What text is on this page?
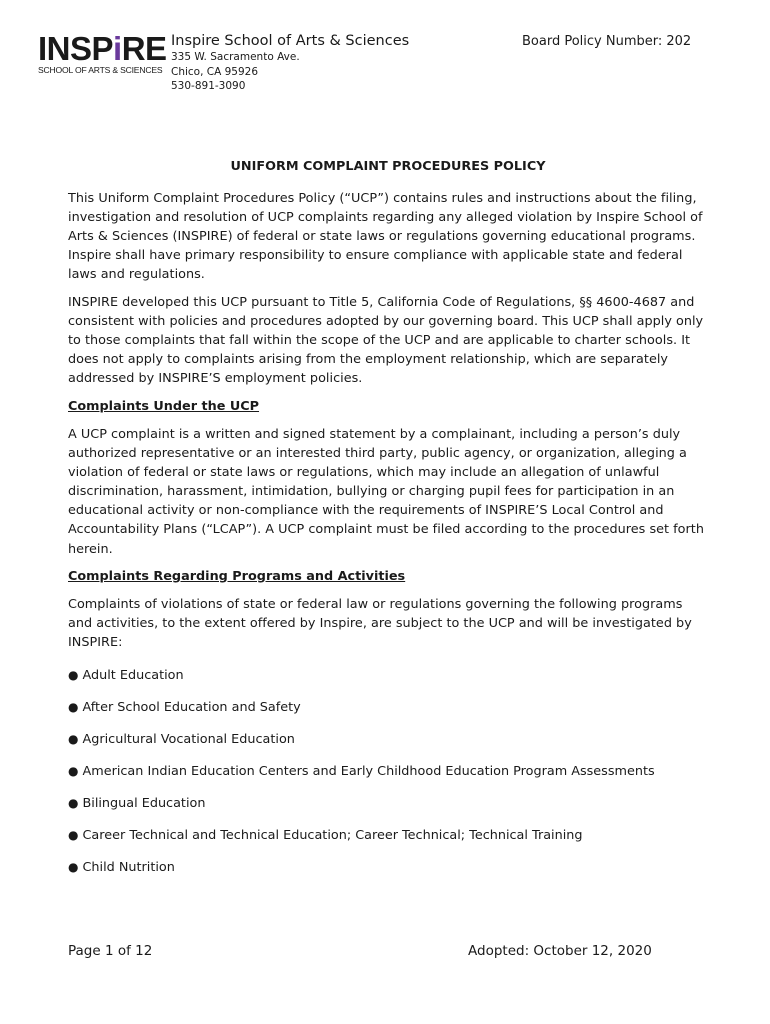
INSPiRE
SCHOOL OF ARTS & SCIENCES
Inspire School of Arts & Sciences
335 W. Sacramento Ave.
Chico, CA 95926
530-891-3090
Board Policy Number: 202
UNIFORM COMPLAINT PROCEDURES POLICY

This Uniform Complaint Procedures Policy (“UCP”) contains rules and instructions about the filing, investigation and resolution of UCP complaints regarding any alleged violation by Inspire School of Arts & Sciences (INSPIRE) of federal or state laws or regulations governing educational programs. Inspire shall have primary responsibility to ensure compliance with applicable state and federal laws and regulations.

INSPIRE developed this UCP pursuant to Title 5, California Code of Regulations, §§ 4600-4687 and consistent with policies and procedures adopted by our governing board. This UCP shall apply only to those complaints that fall within the scope of the UCP and are applicable to charter schools. It does not apply to complaints arising from the employment relationship, which are separately addressed by INSPIRE’S employment policies.

Complaints Under the UCP

A UCP complaint is a written and signed statement by a complainant, including a person’s duly authorized representative or an interested third party, public agency, or organization, alleging a violation of federal or state laws or regulations, which may include an allegation of unlawful discrimination, harassment, intimidation, bullying or charging pupil fees for participation in an educational activity or non-compliance with the requirements of INSPIRE’S Local Control and Accountability Plans (“LCAP”). A UCP complaint must be filed according to the procedures set forth herein.

Complaints Regarding Programs and Activities

Complaints of violations of state or federal law or regulations governing the following programs and activities, to the extent offered by Inspire, are subject to the UCP and will be investigated by INSPIRE:

● Adult Education
● After School Education and Safety
● Agricultural Vocational Education
● American Indian Education Centers and Early Childhood Education Program Assessments
● Bilingual Education
● Career Technical and Technical Education; Career Technical; Technical Training
● Child Nutrition
Page 1 of 12	Adopted: October 12, 2020
